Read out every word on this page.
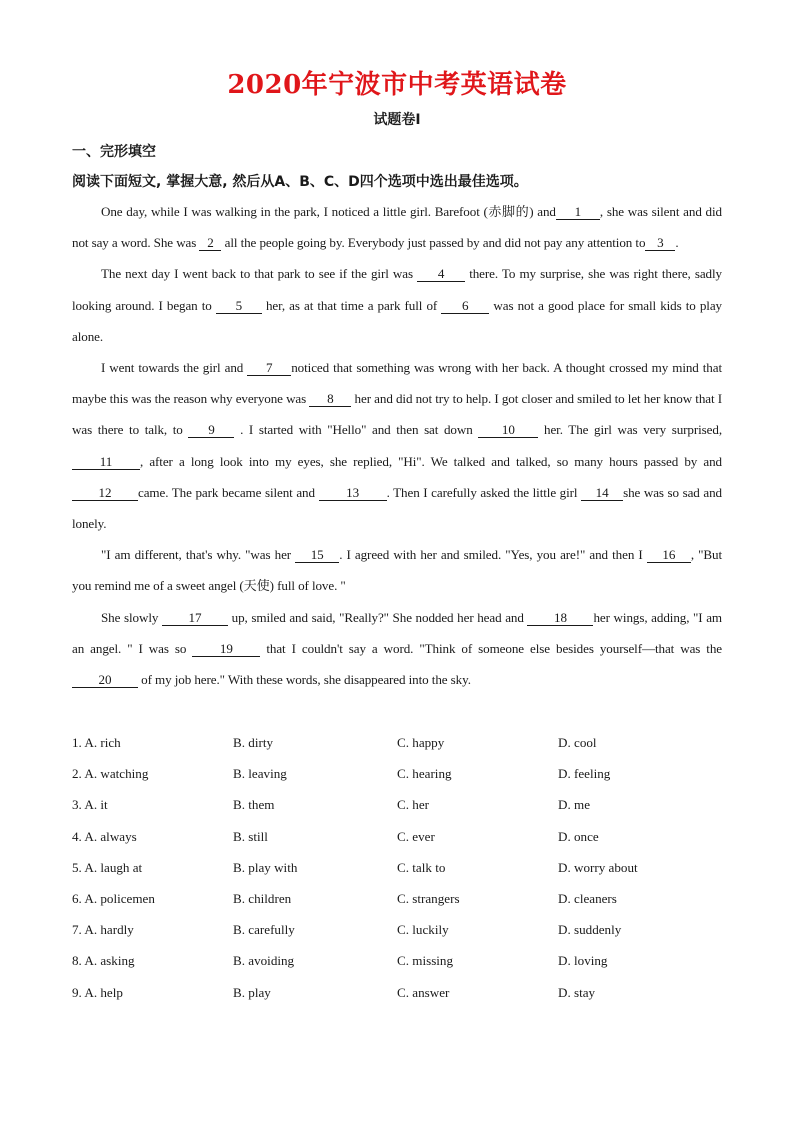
2020年宁波市中考英语试卷
试题卷I
一、完形填空
阅读下面短文, 掌握大意, 然后从A、B、C、D四个选项中选出最佳选项。

One day, while I was walking in the park, I noticed a little girl. Barefoot (赤脚的) and 1 , she was silent and did not say a word. She was 2 all the people going by. Everybody just passed by and did not pay any attention to 3 .

The next day I went back to that park to see if the girl was 4 there. To my surprise, she was right there, sadly looking around. I began to 5 her, as at that time a park full of 6 was not a good place for small kids to play alone.

I went towards the girl and 7 noticed that something was wrong with her back. A thought crossed my mind that maybe this was the reason why everyone was 8 her and did not try to help. I got closer and smiled to let her know that I was there to talk, to 9 . I started with "Hello" and then sat down 10 her. The girl was very surprised, 11 , after a long look into my eyes, she replied, "Hi". We talked and talked, so many hours passed by and 12 came. The park became silent and 13 . Then I carefully asked the little girl 14 she was so sad and lonely.

"I am different, that's why. "was her 15 . I agreed with her and smiled. "Yes, you are!" and then I 16 , "But you remind me of a sweet angel (天使) full of love. "

She slowly 17 up, smiled and said, "Really?" She nodded her head and 18 her wings, adding, "I am an angel. " I was so 19 that I couldn't say a word. "Think of someone else besides yourself—that was the 20 of my job here." With these words, she disappeared into the sky.

1. A. rich	B. dirty	C. happy	D. cool
2. A. watching	B. leaving	C. hearing	D. feeling
3. A. it	B. them	C. her	D. me
4. A. always	B. still	C. ever	D. once
5. A. laugh at	B. play with	C. talk to	D. worry about
6. A. policemen	B. children	C. strangers	D. cleaners
7. A. hardly	B. carefully	C. luckily	D. suddenly
8. A. asking	B. avoiding	C. missing	D. loving
9. A. help	B. play	C. answer	D. stay
